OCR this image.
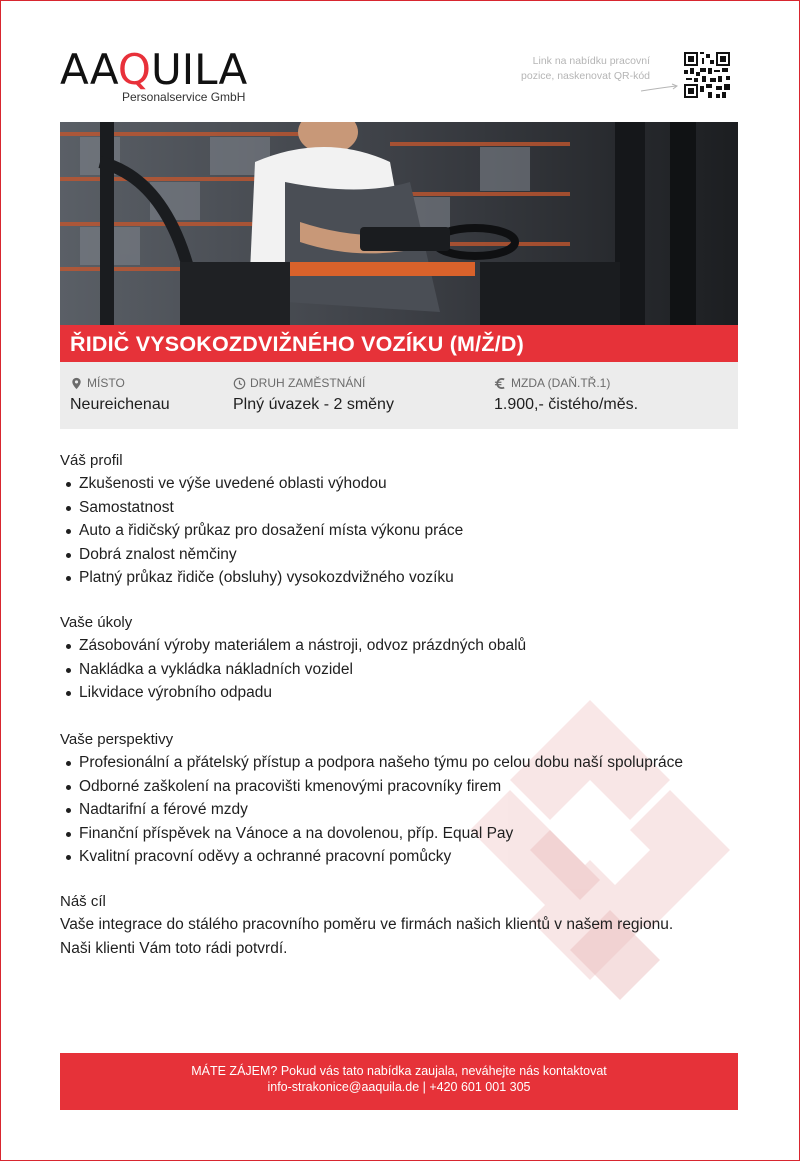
AAQUILA
Personalservice GmbH
Link na nabídku pracovní pozice, naskenovat QR-kód
ŘIDIČ VYSOKOZDVIŽNÉHO VOZÍKU (M/Ž/D)
MÍSTO
Neureichenau
DRUH ZAMĚSTNÁNÍ
Plný úvazek - 2 směny
MZDA (DAŇ.TŘ.1)
1.900,- čistého/měs.
Váš profil
Zkušenosti ve výše uvedené oblasti výhodou
Samostatnost
Auto a řidičský průkaz pro dosažení místa výkonu práce
Dobrá znalost němčiny
Platný průkaz řidiče (obsluhy) vysokozdvižného vozíku
Vaše úkoly
Zásobování výroby materiálem a nástroji, odvoz prázdných obalů
Nakládka a vykládka nákladních vozidel
Likvidace výrobního odpadu
Vaše perspektivy
Profesionální a přátelský přístup a podpora našeho týmu po celou dobu naší spolupráce
Odborné zaškolení na pracovišti kmenovými pracovníky firem
Nadtarifní a férové mzdy
Finanční příspěvek na Vánoce a na dovolenou, příp. Equal Pay
Kvalitní pracovní oděvy a ochranné pracovní pomůcky
Náš cíl

Vaše integrace do stálého pracovního poměru ve firmách našich klientů v našem regionu.

Naši klienti Vám toto rádi potvrdí.

MÁTE ZÁJEM? Pokud vás tato nabídka zaujala, neváhejte nás kontaktovat
info-strakonice@aaquila.de | +420 601 001 305
